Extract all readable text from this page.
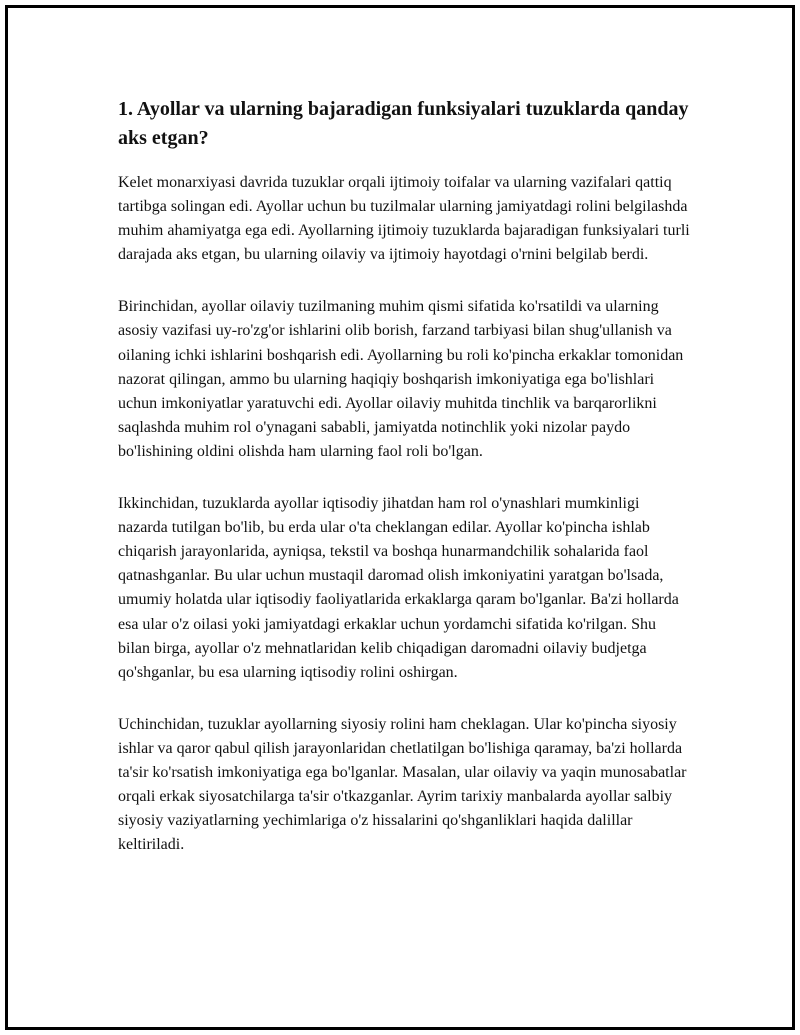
1. Ayollar va ularning bajaradigan funksiyalari tuzuklarda qanday aks etgan?

Kelet monarxiyasi davrida tuzuklar orqali ijtimoiy toifalar va ularning vazifalari qattiq tartibga solingan edi. Ayollar uchun bu tuzilmalar ularning jamiyatdagi rolini belgilashda muhim ahamiyatga ega edi. Ayollarning ijtimoiy tuzuklarda bajaradigan funksiyalari turli darajada aks etgan, bu ularning oilaviy va ijtimoiy hayotdagi o'rnini belgilab berdi.

Birinchidan, ayollar oilaviy tuzilmaning muhim qismi sifatida ko'rsatildi va ularning asosiy vazifasi uy-ro'zg'or ishlarini olib borish, farzand tarbiyasi bilan shug'ullanish va oilaning ichki ishlarini boshqarish edi. Ayollarning bu roli ko'pincha erkaklar tomonidan nazorat qilingan, ammo bu ularning haqiqiy boshqarish imkoniyatiga ega bo'lishlari uchun imkoniyatlar yaratuvchi edi. Ayollar oilaviy muhitda tinchlik va barqarorlikni saqlashda muhim rol o'ynagani sababli, jamiyatda notinchlik yoki nizolar paydo bo'lishining oldini olishda ham ularning faol roli bo'lgan.

Ikkinchidan, tuzuklarda ayollar iqtisodiy jihatdan ham rol o'ynashlari mumkinligi nazarda tutilgan bo'lib, bu erda ular o'ta cheklangan edilar. Ayollar ko'pincha ishlab chiqarish jarayonlarida, ayniqsa, tekstil va boshqa hunarmandchilik sohalarida faol qatnashganlar. Bu ular uchun mustaqil daromad olish imkoniyatini yaratgan bo'lsada, umumiy holatda ular iqtisodiy faoliyatlarida erkaklarga qaram bo'lganlar. Ba'zi hollarda esa ular o'z oilasi yoki jamiyatdagi erkaklar uchun yordamchi sifatida ko'rilgan. Shu bilan birga, ayollar o'z mehnatlaridan kelib chiqadigan daromadni oilaviy budjetga qo'shganlar, bu esa ularning iqtisodiy rolini oshirgan.

Uchinchidan, tuzuklar ayollarning siyosiy rolini ham cheklagan. Ular ko'pincha siyosiy ishlar va qaror qabul qilish jarayonlaridan chetlatilgan bo'lishiga qaramay, ba'zi hollarda ta'sir ko'rsatish imkoniyatiga ega bo'lganlar. Masalan, ular oilaviy va yaqin munosabatlar orqali erkak siyosatchilarga ta'sir o'tkazganlar. Ayrim tarixiy manbalarda ayollar salbiy siyosiy vaziyatlarning yechimlariga o'z hissalarini qo'shganliklari haqida dalillar keltiriladi.
